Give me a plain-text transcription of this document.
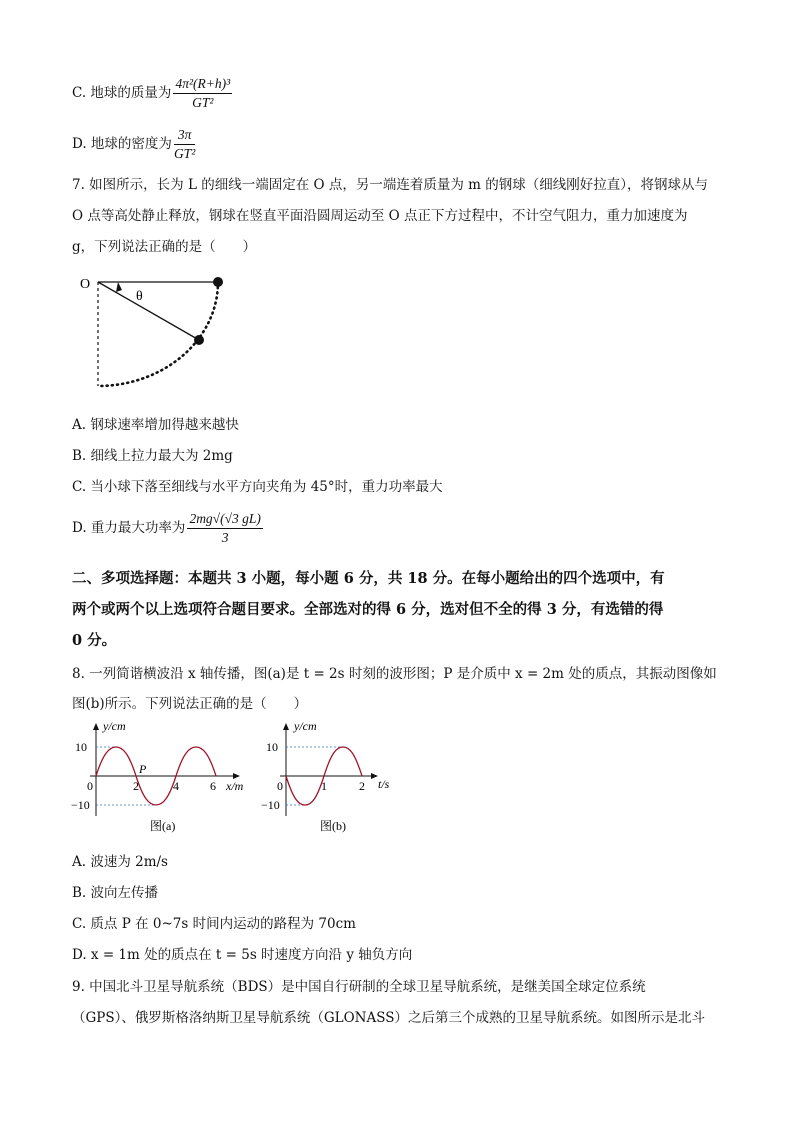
C. 地球的质量为 $\frac{\text{4π²(R+h)³}}{\text{GT²}}$
D. 地球的密度为 $\frac{3\pi}{\text{GT²}}$
7. 如图所示，长为 L 的细线一端固定在 O 点，另一端连着质量为 m 的钢球（细线刚好拉直），将钢球从与
O 点等高处静止释放，钢球在竖直平面沿圆周运动至 O 点正下方过程中，不计空气阻力，重力加速度为
g，下列说法正确的是（　　）
O
θ
A. 钢球速率增加得越来越快
B. 细线上拉力最大为 2mg
C. 当小球下落至细线与水平方向夹角为 45°时，重力功率最大
D. 重力最大功率为 $\frac{2mg√(√3 gL)}{3}$
二、多项选择题：本题共 3 小题，每小题 6 分，共 18 分。在每小题给出的四个选项中，有
两个或两个以上选项符合题目要求。全部选对的得 6 分，选对但不全的得 3 分，有选错的得
0 分。
8. 一列简谐横波沿 x 轴传播，图(a)是 t = 2s 时刻的波形图；P 是介质中 x = 2m 处的质点，其振动图像如
图(b)所示。下列说法正确的是（　　）
y/cm
10
−10
0	2	4	6
P
x/m
图(a)
y/cm
10
−10
0	1	2 t/s
图(b)
A. 波速为 2m/s
B. 波向左传播
C. 质点 P 在 0~7s 时间内运动的路程为 70cm
D. x = 1m 处的质点在 t = 5s 时速度方向沿 y 轴负方向
9. 中国北斗卫星导航系统（BDS）是中国自行研制的全球卫星导航系统，是继美国全球定位系统
（GPS）、俄罗斯格洛纳斯卫星导航系统（GLONASS）之后第三个成熟的卫星导航系统。如图所示是北斗
